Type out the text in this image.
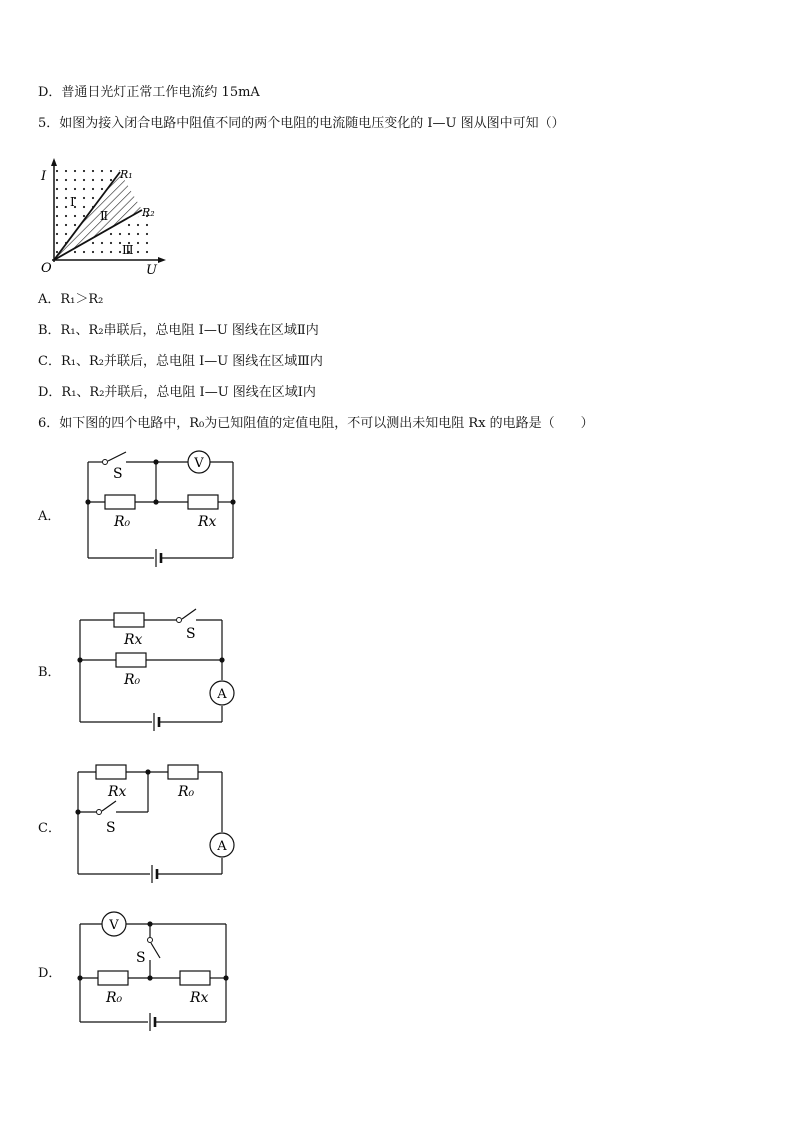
D．普通日光灯正常工作电流约 15mA
5．如图为接入闭合电路中阻值不同的两个电阻的电流随电压变化的 I—U 图从图中可知（）
I
U
O
R₁
R₂
Ⅰ
Ⅱ
Ⅲ
A．R₁＞R₂
B．R₁、R₂串联后，总电阻 I—U 图线在区域Ⅱ内
C．R₁、R₂并联后，总电阻 I—U 图线在区域Ⅲ内
D．R₁、R₂并联后，总电阻 I—U 图线在区域Ⅰ内
6．如下图的四个电路中，R₀为已知阻值的定值电阻，不可以测出未知电阻 Rx 的电路是（　　）
A．
V
S
R₀	Rx
B．
A
S
Rx
R₀
C．
A
Rx	R₀
S
D．
V
S
R₀	Rx
